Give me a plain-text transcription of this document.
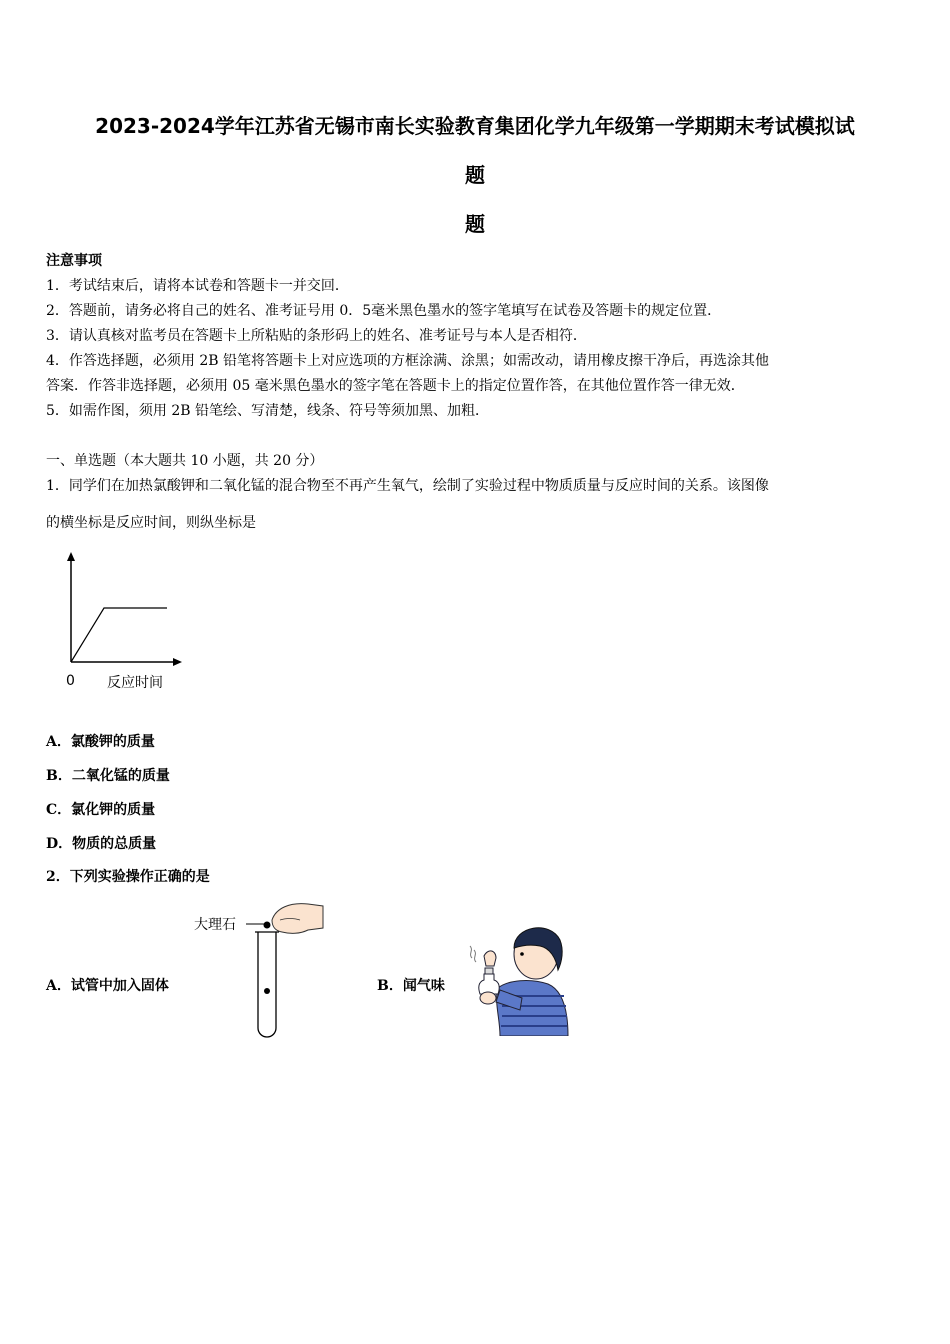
2023-2024学年江苏省无锡市南长实验教育集团化学九年级第一学期期末考试模拟试
题
题
注意事项
1．考试结束后，请将本试卷和答题卡一并交回．
2．答题前，请务必将自己的姓名、准考证号用 0．5毫米黑色墨水的签字笔填写在试卷及答题卡的规定位置．
3．请认真核对监考员在答题卡上所粘贴的条形码上的姓名、准考证号与本人是否相符．
4．作答选择题，必须用 2B 铅笔将答题卡上对应选项的方框涂满、涂黑；如需改动，请用橡皮擦干净后，再选涂其他
答案．作答非选择题，必须用 05 毫米黑色墨水的签字笔在答题卡上的指定位置作答，在其他位置作答一律无效．
5．如需作图，须用 2B 铅笔绘、写清楚，线条、符号等须加黑、加粗．
一、单选题（本大题共 10 小题，共 20 分）
1．同学们在加热氯酸钾和二氧化锰的混合物至不再产生氧气，绘制了实验过程中物质质量与反应时间的关系。该图像
的横坐标是反应时间，则纵坐标是
0 反应时间
A．氯酸钾的质量
B．二氧化锰的质量
C．氯化钾的质量
D．物质的总质量
2．下列实验操作正确的是
A．试管中加入固体
大理石
B．闻气味
